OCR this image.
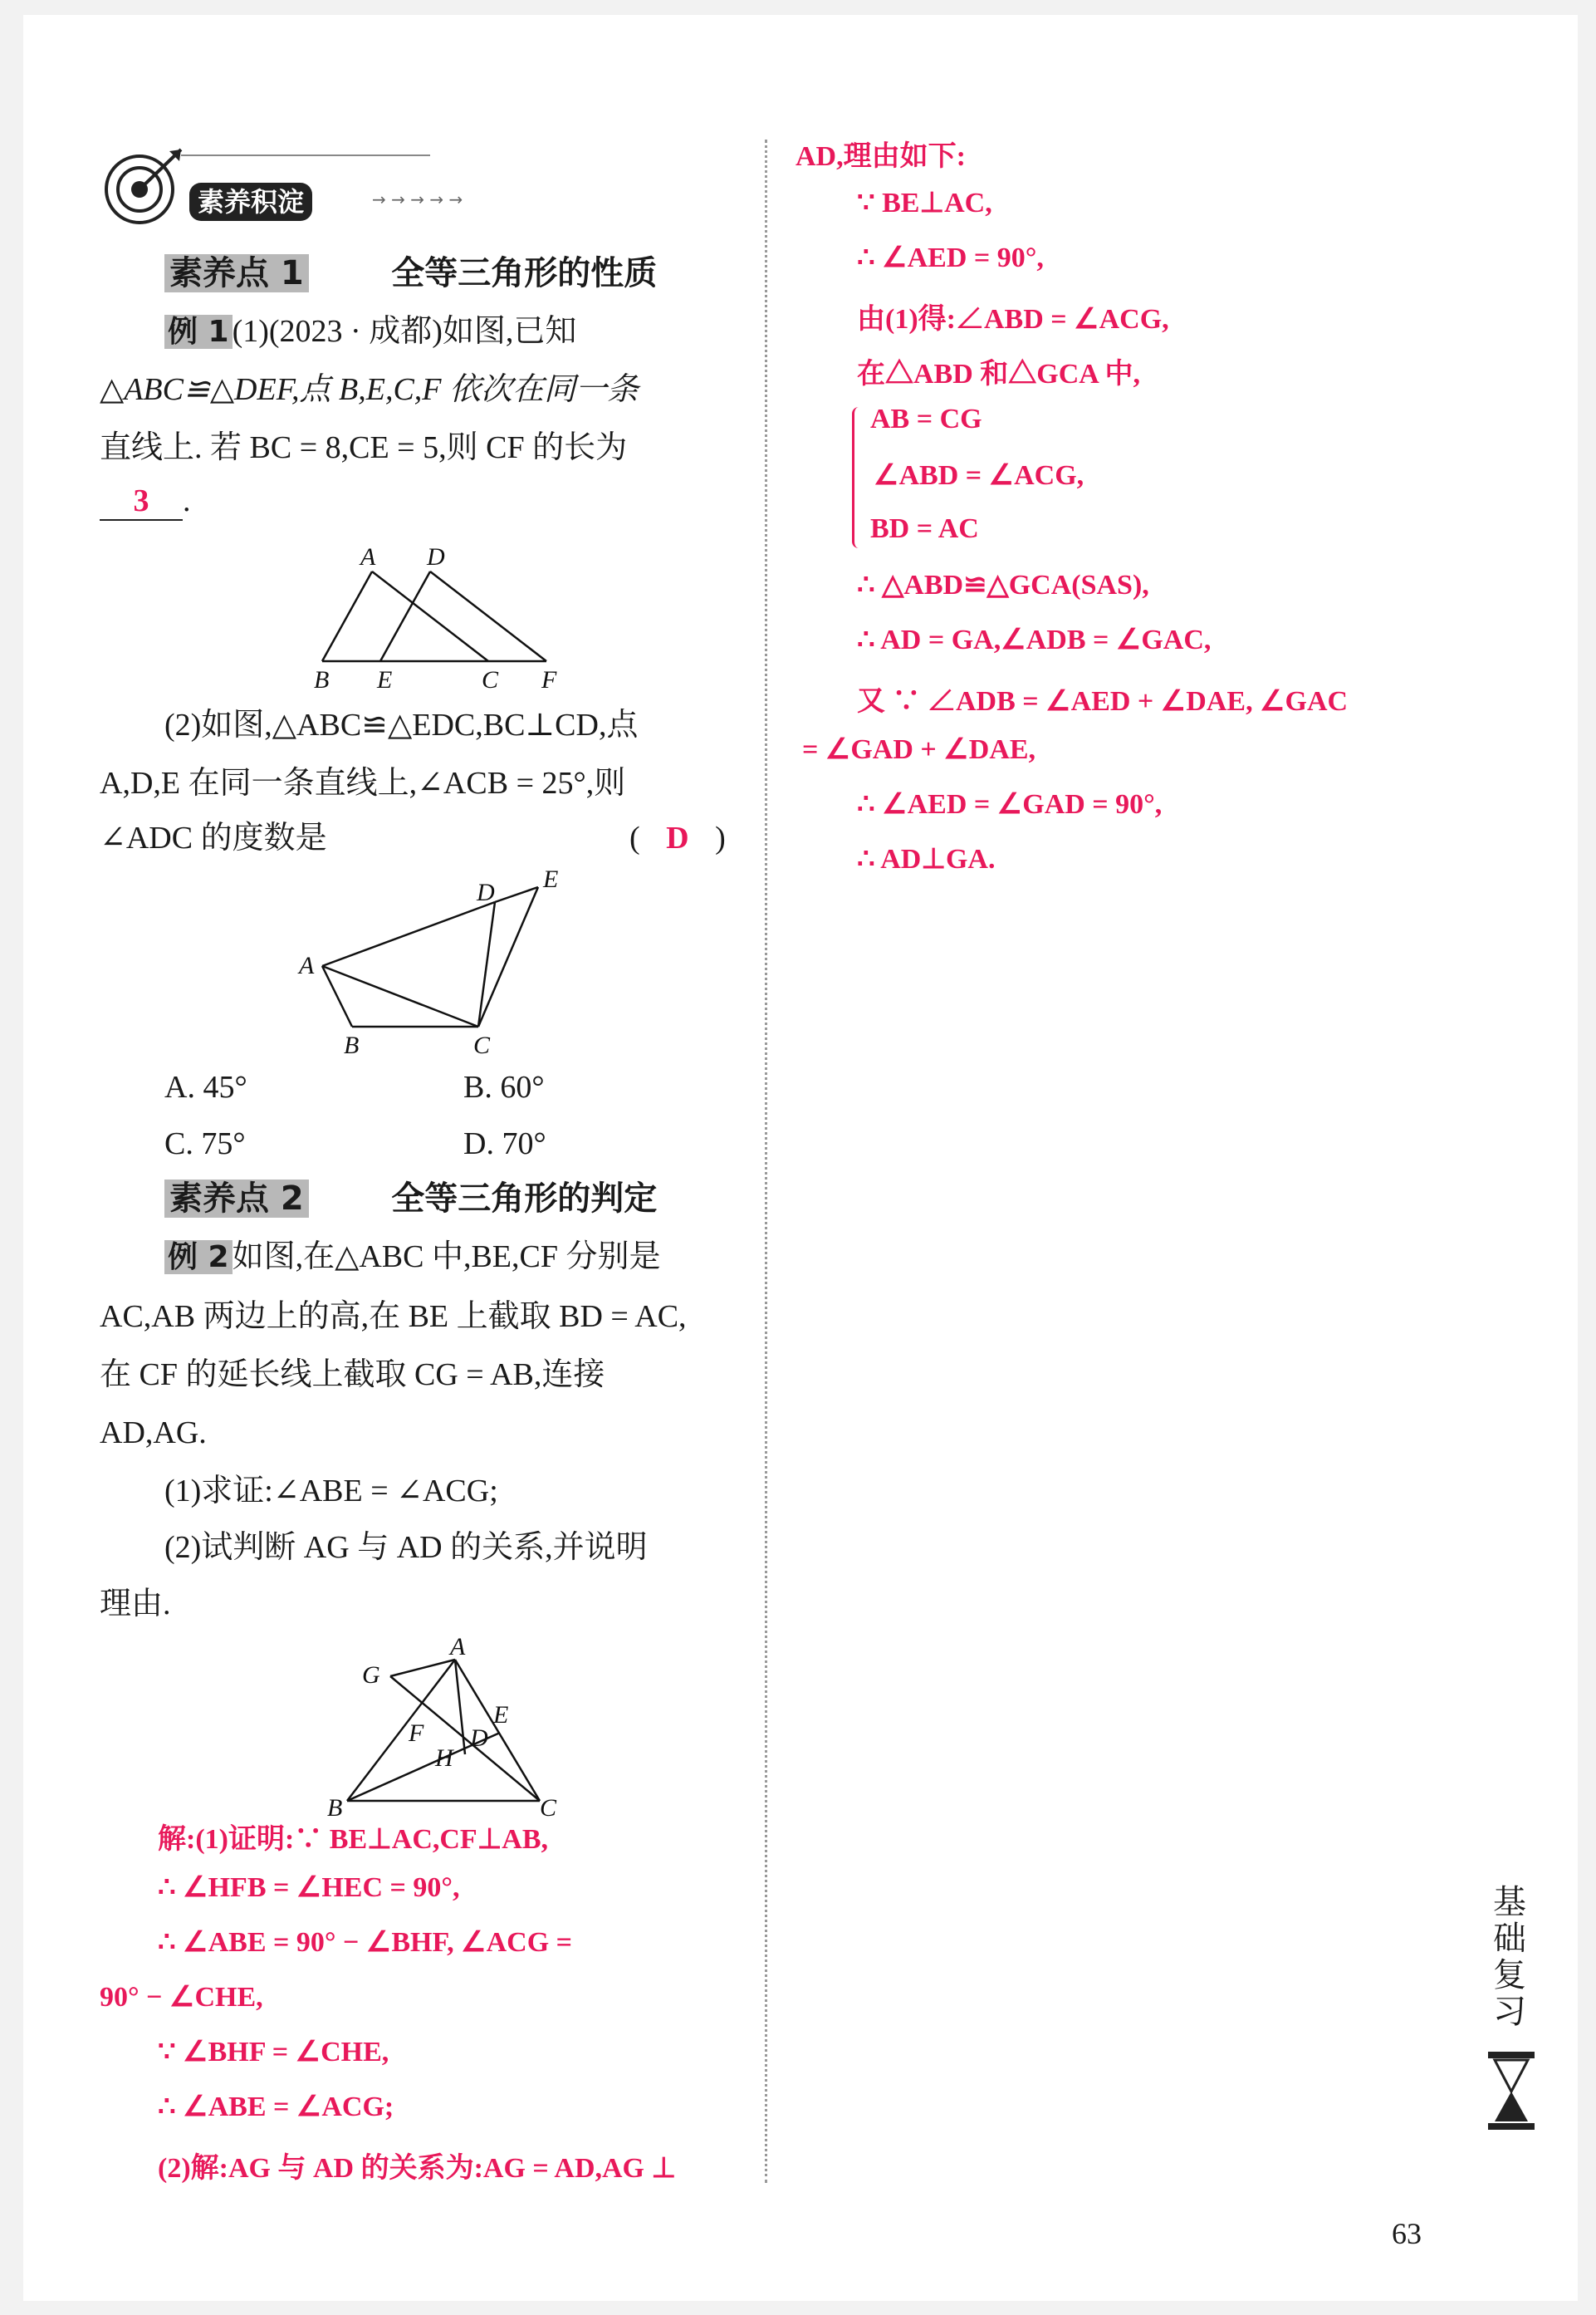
素养积淀	→ → → → →
素养点 1	全等三角形的性质
例 1 (1)(2023 · 成都)如图,已知
△ABC≌△DEF,点 B,E,C,F 依次在同一条
直线上. 若 BC = 8,CE = 5,则 CF 的长为
3 .
A D
B E	C F
(2)如图,△ABC≌△EDC,BC⊥CD,点
A,D,E 在同一条直线上,∠ACB = 25°,则
∠ADC 的度数是	( D )
A
D E
B	C
A. 45°	B. 60°
C. 75°	D. 70°
素养点 2	全等三角形的判定
例 2 如图,在△ABC 中,BE,CF 分别是
AC,AB 两边上的高,在 BE 上截取 BD = AC,
在 CF 的延长线上截取 CG = AB,连接
AD,AG.
(1)求证:∠ABE = ∠ACG;
(2)试判断 AG 与 AD 的关系,并说明
理由.
G
A
E
F D
H
B	C
解:(1)证明:∵ BE⊥AC,CF⊥AB,
∴ ∠HFB = ∠HEC = 90°,
∴ ∠ABE = 90° − ∠BHF, ∠ACG =
90° − ∠CHE,
∵ ∠BHF = ∠CHE,
∴ ∠ABE = ∠ACG;
(2)解:AG 与 AD 的关系为:AG = AD,AG ⊥
AD,理由如下:
∵ BE⊥AC,
∴ ∠AED = 90°,
由(1)得:∠ABD = ∠ACG,
在△ABD 和△GCA 中,
AB = CG
∠ABD = ∠ACG,
BD = AC
∴ △ABD≌△GCA(SAS),
∴ AD = GA,∠ADB = ∠GAC,
又 ∵ ∠ADB = ∠AED + ∠DAE, ∠GAC
= ∠GAD + ∠DAE,
∴ ∠AED = ∠GAD = 90°,
∴ AD⊥GA.
基
础
复
习
63
